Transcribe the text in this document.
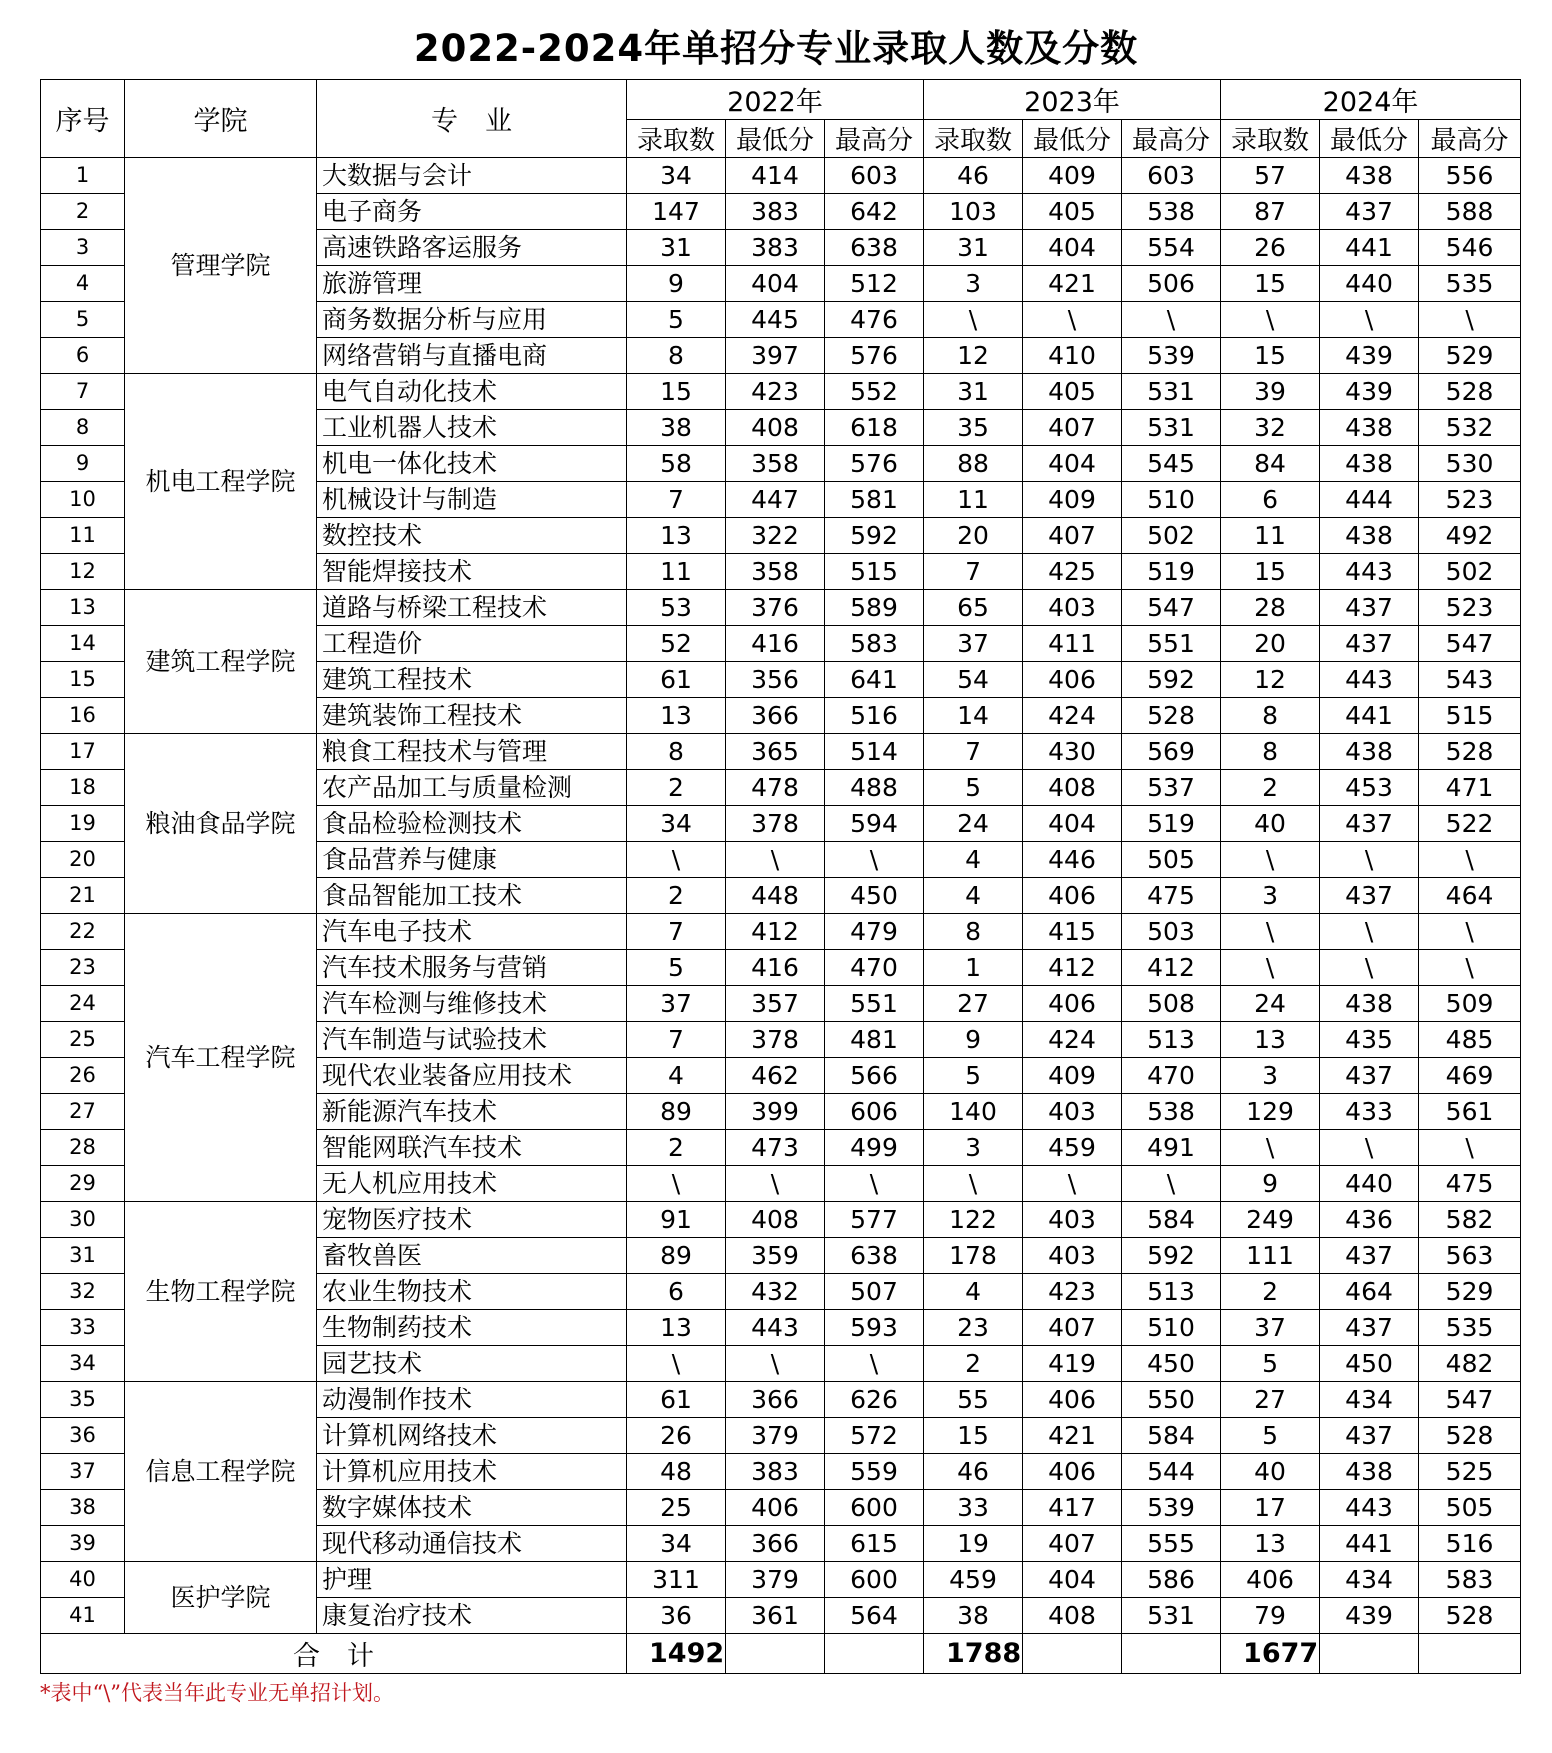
2022-2024年单招分专业录取人数及分数
序号	学院	专　业	2022年			2023年			2024年		
			录取数	最低分	最高分	录取数	最低分	最高分	录取数	最低分	最高分
1	管理学院	大数据与会计	34	414	603	46	409	603	57	438	556
2		电子商务	147	383	642	103	405	538	87	437	588
3		高速铁路客运服务	31	383	638	31	404	554	26	441	546
4		旅游管理	9	404	512	3	421	506	15	440	535
5		商务数据分析与应用	5	445	476	\	\	\	\	\	\
6		网络营销与直播电商	8	397	576	12	410	539	15	439	529
7	机电工程学院	电气自动化技术	15	423	552	31	405	531	39	439	528
8		工业机器人技术	38	408	618	35	407	531	32	438	532
9		机电一体化技术	58	358	576	88	404	545	84	438	530
10		机械设计与制造	7	447	581	11	409	510	6	444	523
11		数控技术	13	322	592	20	407	502	11	438	492
12		智能焊接技术	11	358	515	7	425	519	15	443	502
13	建筑工程学院	道路与桥梁工程技术	53	376	589	65	403	547	28	437	523
14		工程造价	52	416	583	37	411	551	20	437	547
15		建筑工程技术	61	356	641	54	406	592	12	443	543
16		建筑装饰工程技术	13	366	516	14	424	528	8	441	515
17	粮油食品学院	粮食工程技术与管理	8	365	514	7	430	569	8	438	528
18		农产品加工与质量检测	2	478	488	5	408	537	2	453	471
19		食品检验检测技术	34	378	594	24	404	519	40	437	522
20		食品营养与健康	\	\	\	4	446	505	\	\	\
21		食品智能加工技术	2	448	450	4	406	475	3	437	464
22	汽车工程学院	汽车电子技术	7	412	479	8	415	503	\	\	\
23		汽车技术服务与营销	5	416	470	1	412	412	\	\	\
24		汽车检测与维修技术	37	357	551	27	406	508	24	438	509
25		汽车制造与试验技术	7	378	481	9	424	513	13	435	485
26		现代农业装备应用技术	4	462	566	5	409	470	3	437	469
27		新能源汽车技术	89	399	606	140	403	538	129	433	561
28		智能网联汽车技术	2	473	499	3	459	491	\	\	\
29		无人机应用技术	\	\	\	\	\	\	9	440	475
30	生物工程学院	宠物医疗技术	91	408	577	122	403	584	249	436	582
31		畜牧兽医	89	359	638	178	403	592	111	437	563
32		农业生物技术	6	432	507	4	423	513	2	464	529
33		生物制药技术	13	443	593	23	407	510	37	437	535
34		园艺技术	\	\	\	2	419	450	5	450	482
35	信息工程学院	动漫制作技术	61	366	626	55	406	550	27	434	547
36		计算机网络技术	26	379	572	15	421	584	5	437	528
37		计算机应用技术	48	383	559	46	406	544	40	438	525
38		数字媒体技术	25	406	600	33	417	539	17	443	505
39		现代移动通信技术	34	366	615	19	407	555	13	441	516
40	医护学院	护理	311	379	600	459	404	586	406	434	583
41		康复治疗技术	36	361	564	38	408	531	79	439	528
合　计			1492			1788			1677		
*表中“\”代表当年此专业无单招计划。
